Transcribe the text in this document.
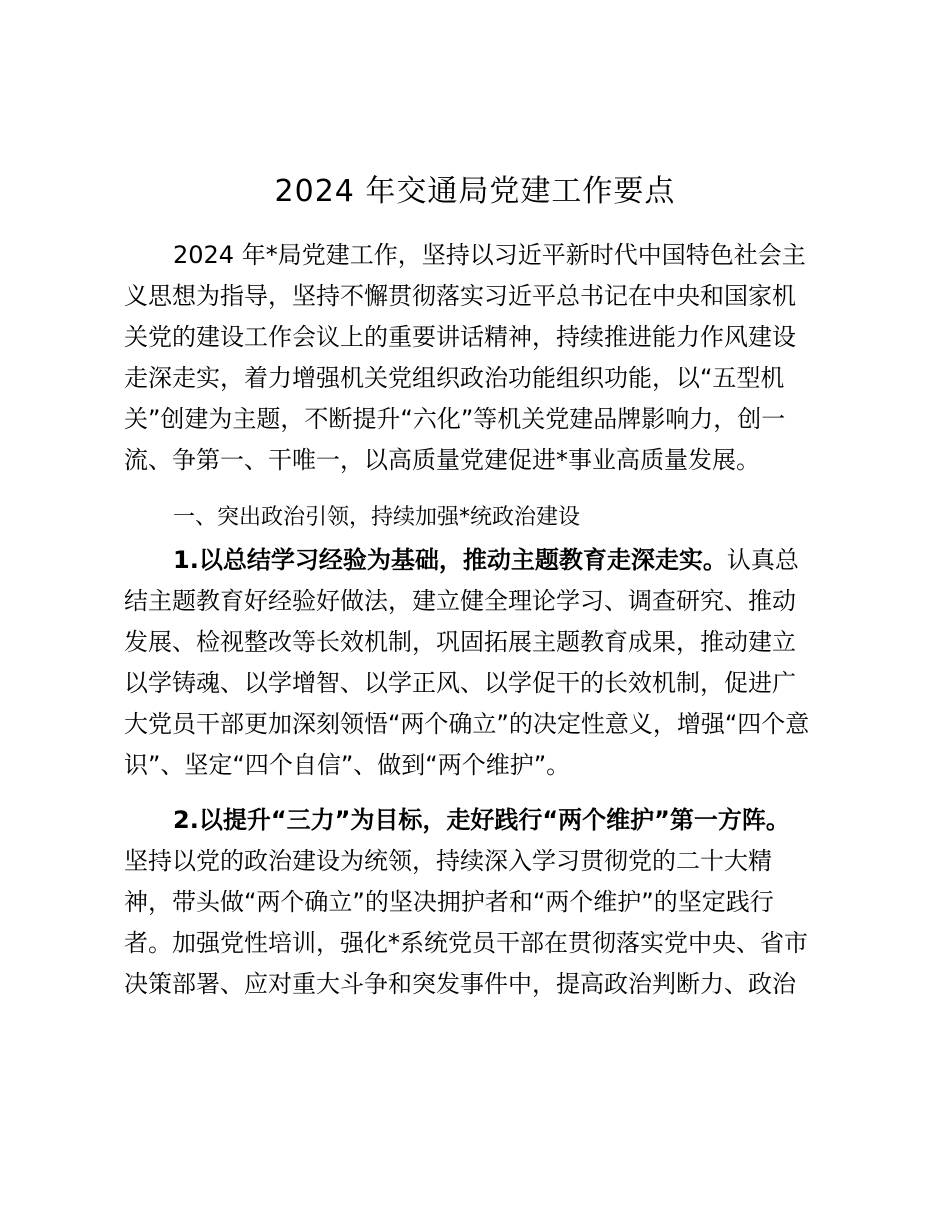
2024 年交通局党建工作要点
2024 年*局党建工作，坚持以习近平新时代中国特色社会主
义思想为指导，坚持不懈贯彻落实习近平总书记在中央和国家机
关党的建设工作会议上的重要讲话精神，持续推进能力作风建设
走深走实，着力增强机关党组织政治功能组织功能，以“五型机
关”创建为主题，不断提升“六化”等机关党建品牌影响力，创一
流、争第一、干唯一，以高质量党建促进*事业高质量发展。
一、突出政治引领，持续加强*统政治建设
1.以总结学习经验为基础，推动主题教育走深走实。认真总
结主题教育好经验好做法，建立健全理论学习、调查研究、推动
发展、检视整改等长效机制，巩固拓展主题教育成果，推动建立
以学铸魂、以学增智、以学正风、以学促干的长效机制，促进广
大党员干部更加深刻领悟“两个确立”的决定性意义，增强“四个意
识”、坚定“四个自信”、做到“两个维护”。
2.以提升“三力”为目标，走好践行“两个维护”第一方阵。
坚持以党的政治建设为统领，持续深入学习贯彻党的二十大精
神，带头做“两个确立”的坚决拥护者和“两个维护”的坚定践行
者。加强党性培训，强化*系统党员干部在贯彻落实党中央、省市
决策部署、应对重大斗争和突发事件中，提高政治判断力、政治
